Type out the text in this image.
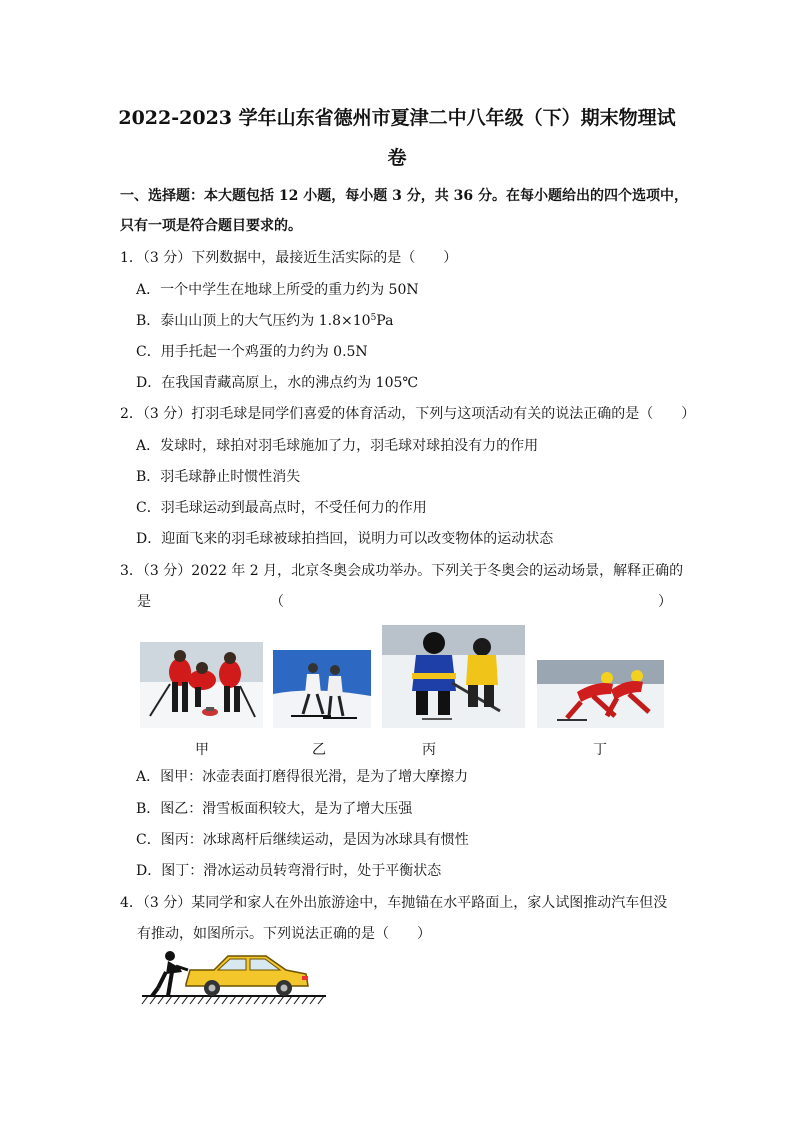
2022-2023 学年山东省德州市夏津二中八年级（下）期末物理试
卷
一、选择题：本大题包括 12 小题，每小题 3 分，共 36 分。在每小题给出的四个选项中，
只有一项是符合题目要求的。
1．（3 分）下列数据中，最接近生活实际的是（　　）
A．一个中学生在地球上所受的重力约为 50N
B．泰山山顶上的大气压约为 $1.8\times 10^5Pa$
C．用手托起一个鸡蛋的力约为 0.5N
D．在我国青藏高原上，水的沸点约为 105℃
2．（3 分）打羽毛球是同学们喜爱的体育活动，下列与这项活动有关的说法正确的是（　　）
A．发球时，球拍对羽毛球施加了力，羽毛球对球拍没有力的作用
B．羽毛球静止时惯性消失
C．羽毛球运动到最高点时，不受任何力的作用
D．迎面飞来的羽毛球被球拍挡回，说明力可以改变物体的运动状态
3．（3 分）2022 年 2 月，北京冬奥会成功举办。下列关于冬奥会的运动场景，解释正确的
是	（	）
甲	乙	丙	丁
A．图甲：冰壶表面打磨得很光滑，是为了增大摩擦力
B．图乙：滑雪板面积较大，是为了增大压强
C．图丙：冰球离杆后继续运动，是因为冰球具有惯性
D．图丁：滑冰运动员转弯滑行时，处于平衡状态
4．（3 分）某同学和家人在外出旅游途中，车抛锚在水平路面上，家人试图推动汽车但没
有推动，如图所示。下列说法正确的是（　　）
